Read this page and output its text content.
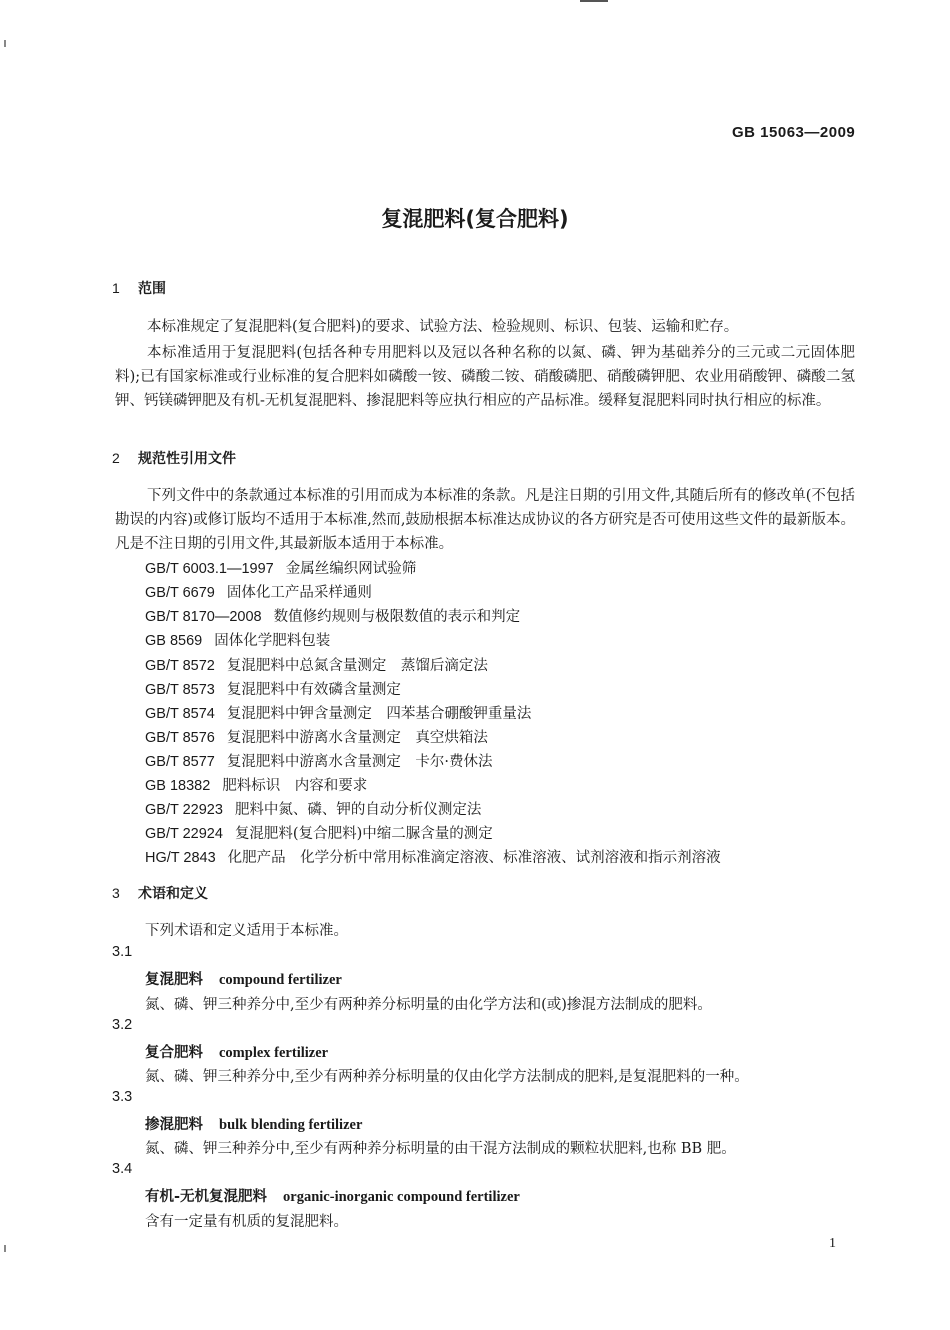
GB 15063—2009
复混肥料(复合肥料)
1 范围
本标准规定了复混肥料(复合肥料)的要求、试验方法、检验规则、标识、包装、运输和贮存。
本标准适用于复混肥料(包括各种专用肥料以及冠以各种名称的以氮、磷、钾为基础养分的三元或二元固体肥料);已有国家标准或行业标准的复合肥料如磷酸一铵、磷酸二铵、硝酸磷肥、硝酸磷钾肥、农业用硝酸钾、磷酸二氢钾、钙镁磷钾肥及有机-无机复混肥料、掺混肥料等应执行相应的产品标准。缓释复混肥料同时执行相应的标准。
2 规范性引用文件
下列文件中的条款通过本标准的引用而成为本标准的条款。凡是注日期的引用文件,其随后所有的修改单(不包括勘误的内容)或修订版均不适用于本标准,然而,鼓励根据本标准达成协议的各方研究是否可使用这些文件的最新版本。凡是不注日期的引用文件,其最新版本适用于本标准。
GB/T 6003.1—1997 金属丝编织网试验筛
GB/T 6679 固体化工产品采样通则
GB/T 8170—2008 数值修约规则与极限数值的表示和判定
GB 8569 固体化学肥料包装
GB/T 8572 复混肥料中总氮含量测定　蒸馏后滴定法
GB/T 8573 复混肥料中有效磷含量测定
GB/T 8574 复混肥料中钾含量测定　四苯基合硼酸钾重量法
GB/T 8576 复混肥料中游离水含量测定　真空烘箱法
GB/T 8577 复混肥料中游离水含量测定　卡尔·费休法
GB 18382 肥料标识　内容和要求
GB/T 22923 肥料中氮、磷、钾的自动分析仪测定法
GB/T 22924 复混肥料(复合肥料)中缩二脲含量的测定
HG/T 2843 化肥产品　化学分析中常用标准滴定溶液、标准溶液、试剂溶液和指示剂溶液
3 术语和定义
下列术语和定义适用于本标准。
3.1
复混肥料 compound fertilizer
氮、磷、钾三种养分中,至少有两种养分标明量的由化学方法和(或)掺混方法制成的肥料。
3.2
复合肥料 complex fertilizer
氮、磷、钾三种养分中,至少有两种养分标明量的仅由化学方法制成的肥料,是复混肥料的一种。
3.3
掺混肥料 bulk blending fertilizer
氮、磷、钾三种养分中,至少有两种养分标明量的由干混方法制成的颗粒状肥料,也称 BB 肥。
3.4
有机-无机复混肥料 organic-inorganic compound fertilizer
含有一定量有机质的复混肥料。
1
